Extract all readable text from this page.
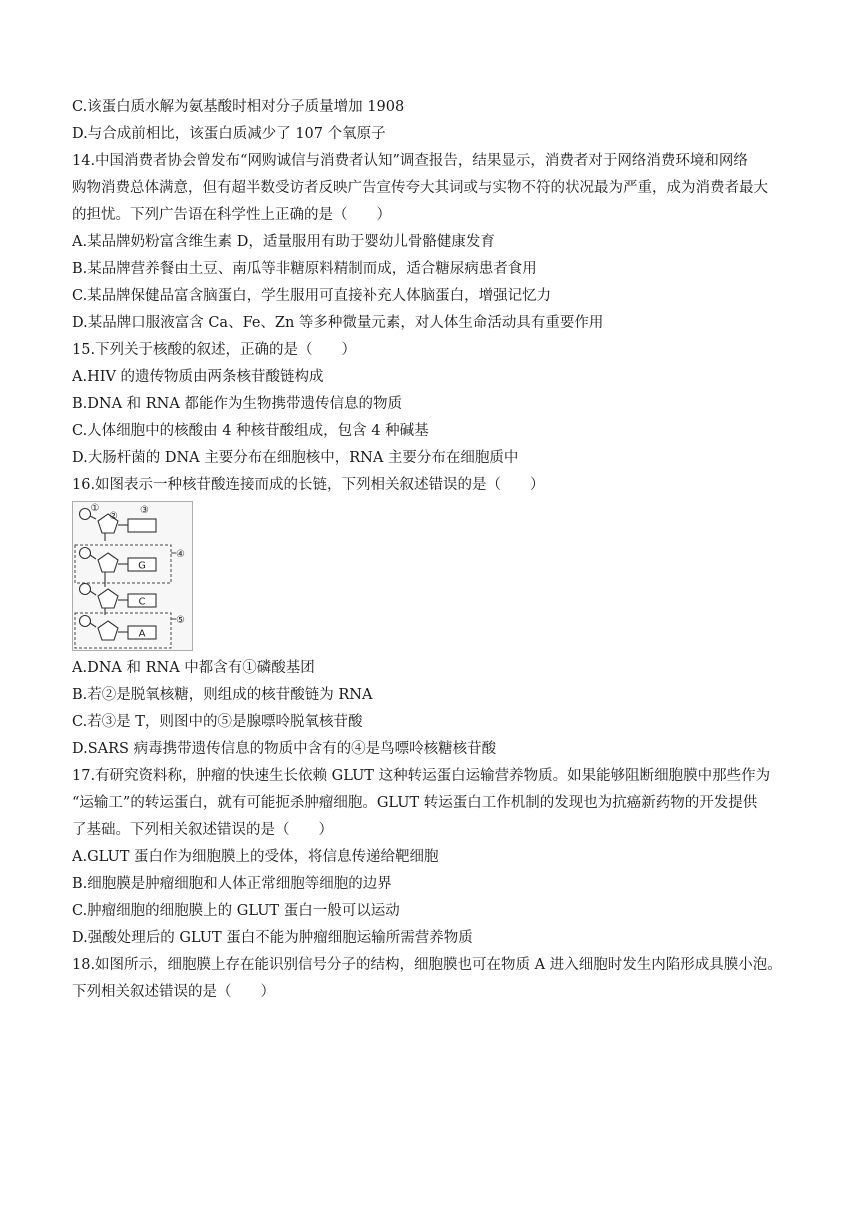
C.该蛋白质水解为氨基酸时相对分子质量增加 1908
D.与合成前相比，该蛋白质减少了 107 个氧原子
14.中国消费者协会曾发布“网购诚信与消费者认知”调查报告，结果显示，消费者对于网络消费环境和网络
购物消费总体满意，但有超半数受访者反映广告宣传夸大其词或与实物不符的状况最为严重，成为消费者最大
的担忧。下列广告语在科学性上正确的是（　　）
A.某品牌奶粉富含维生素 D，适量服用有助于婴幼儿骨骼健康发育
B.某品牌营养餐由土豆、南瓜等非糖原料精制而成，适合糖尿病患者食用
C.某品牌保健品富含脑蛋白，学生服用可直接补充人体脑蛋白，增强记忆力
D.某品牌口服液富含 Ca、Fe、Zn 等多种微量元素，对人体生命活动具有重要作用
15.下列关于核酸的叙述，正确的是（　　）
A.HIV 的遗传物质由两条核苷酸链构成
B.DNA 和 RNA 都能作为生物携带遗传信息的物质
C.人体细胞中的核酸由 4 种核苷酸组成，包含 4 种碱基
D.大肠杆菌的 DNA 主要分布在细胞核中，RNA 主要分布在细胞质中
16.如图表示一种核苷酸连接而成的长链，下列相关叙述错误的是（　　）
①
②
③
④
G
C
⑤
A
A.DNA 和 RNA 中都含有①磷酸基团
B.若②是脱氧核糖，则组成的核苷酸链为 RNA
C.若③是 T，则图中的⑤是腺嘌呤脱氧核苷酸
D.SARS 病毒携带遗传信息的物质中含有的④是鸟嘌呤核糖核苷酸
17.有研究资料称，肿瘤的快速生长依赖 GLUT 这种转运蛋白运输营养物质。如果能够阻断细胞膜中那些作为
“运输工”的转运蛋白，就有可能扼杀肿瘤细胞。GLUT 转运蛋白工作机制的发现也为抗癌新药物的开发提供
了基础。下列相关叙述错误的是（　　）
A.GLUT 蛋白作为细胞膜上的受体，将信息传递给靶细胞
B.细胞膜是肿瘤细胞和人体正常细胞等细胞的边界
C.肿瘤细胞的细胞膜上的 GLUT 蛋白一般可以运动
D.强酸处理后的 GLUT 蛋白不能为肿瘤细胞运输所需营养物质
18.如图所示，细胞膜上存在能识别信号分子的结构，细胞膜也可在物质 A 进入细胞时发生内陷形成具膜小泡。
下列相关叙述错误的是（　　）
